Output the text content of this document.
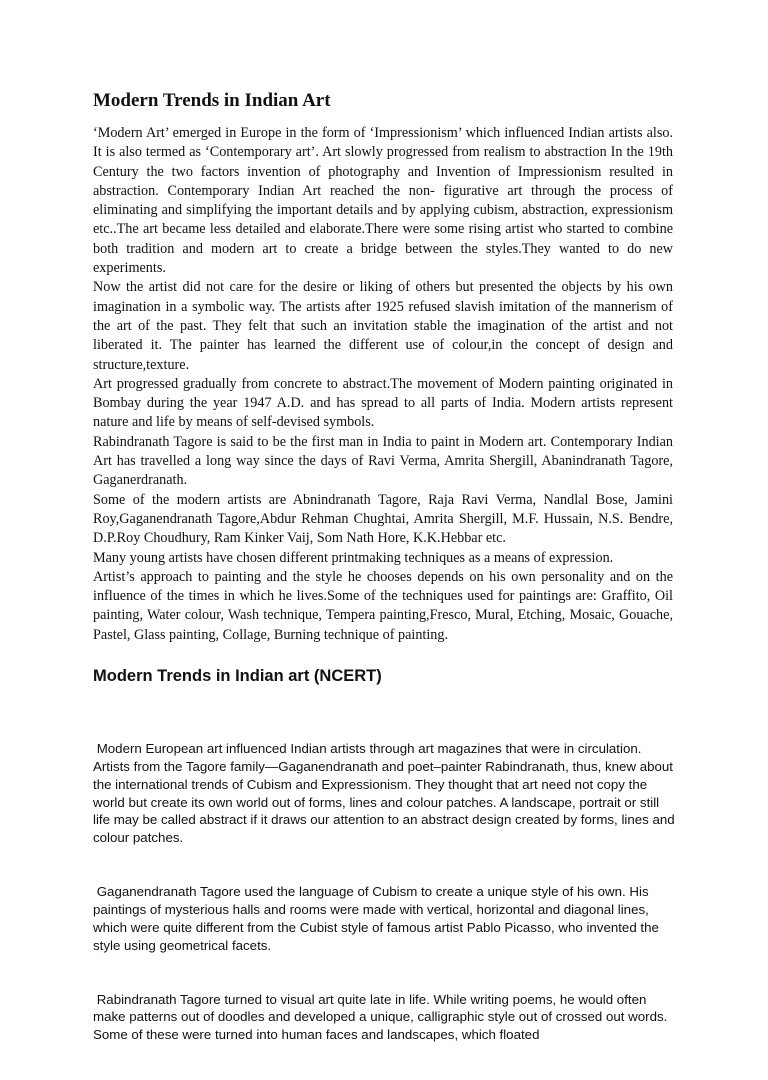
Modern Trends in Indian Art

‘Modern Art’ emerged in Europe in the form of ‘Impressionism’ which influenced Indian artists also. It is also termed as ‘Contemporary art’. Art slowly progressed from realism to abstraction In the 19th Century the two factors invention of photography and Invention of Impressionism resulted in abstraction. Contemporary Indian Art reached the non- figurative art through the process of eliminating and simplifying the important details and by applying cubism, abstraction, expressionism etc..The art became less detailed and elaborate.There were some rising artist who started to combine both tradition and modern art to create a bridge between the styles.They wanted to do new experiments.

Now the artist did not care for the desire or liking of others but presented the objects by his own imagination in a symbolic way. The artists after 1925 refused slavish imitation of the mannerism of the art of the past. They felt that such an invitation stable the imagination of the artist and not liberated it. The painter has learned the different use of colour,in the concept of design and structure,texture.

Art progressed gradually from concrete to abstract.The movement of Modern painting originated in Bombay during the year 1947 A.D. and has spread to all parts of India. Modern artists represent nature and life by means of self-devised symbols.

Rabindranath Tagore is said to be the first man in India to paint in Modern art. Contemporary Indian Art has travelled a long way since the days of Ravi Verma, Amrita Shergill, Abanindranath Tagore, Gaganerdranath.

Some of the modern artists are Abnindranath Tagore, Raja Ravi Verma, Nandlal Bose, Jamini Roy,Gaganendranath Tagore,Abdur Rehman Chughtai, Amrita Shergill, M.F. Hussain, N.S. Bendre, D.P.Roy Choudhury, Ram Kinker Vaij, Som Nath Hore, K.K.Hebbar etc.

Many young artists have chosen different printmaking techniques as a means of expression.

Artist’s approach to painting and the style he chooses depends on his own personality and on the influence of the times in which he lives.Some of the techniques used for paintings are: Graffito, Oil painting, Water colour, Wash technique, Tempera painting,Fresco, Mural, Etching, Mosaic, Gouache, Pastel, Glass painting, Collage, Burning technique of painting.

Modern Trends in Indian art (NCERT)

Modern European art influenced Indian artists through art magazines that were in circulation. Artists from the Tagore family—Gaganendranath and poet–painter Rabindranath, thus, knew about the international trends of Cubism and Expressionism. They thought that art need not copy the world but create its own world out of forms, lines and colour patches. A landscape, portrait or still life may be called abstract if it draws our attention to an abstract design created by forms, lines and colour patches.

Gaganendranath Tagore used the language of Cubism to create a unique style of his own. His paintings of mysterious halls and rooms were made with vertical, horizontal and diagonal lines,  which were quite different from the Cubist style of famous artist Pablo Picasso, who invented the style using geometrical facets.

Rabindranath Tagore turned to visual art quite late in life. While writing poems, he would often make patterns out of doodles and developed a unique, calligraphic style out of crossed out words. Some of these were turned into human faces and landscapes, which floated
